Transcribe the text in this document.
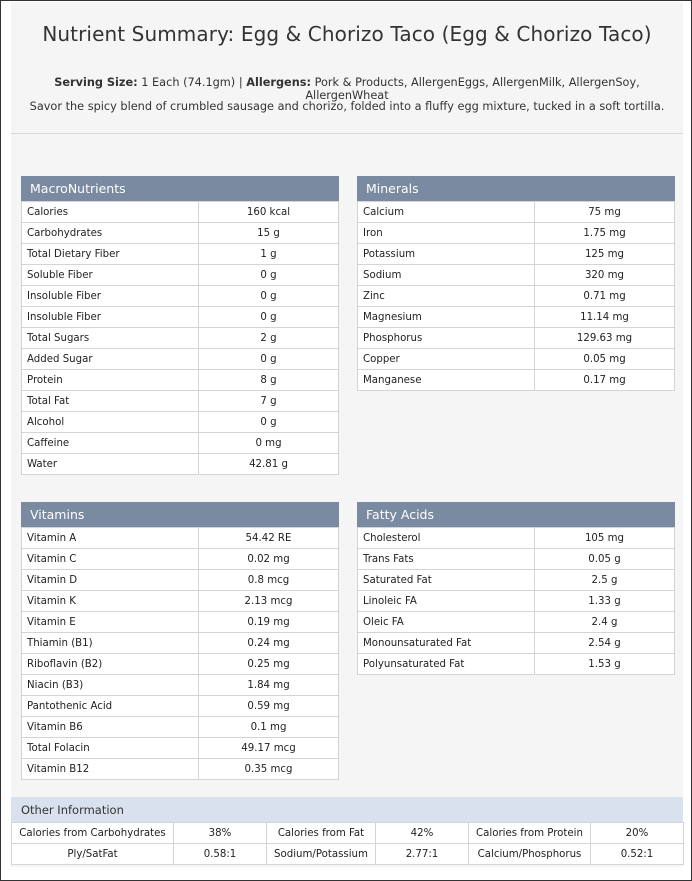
Nutrient Summary: Egg & Chorizo Taco (Egg & Chorizo Taco)

Serving Size: 1 Each (74.1gm) | Allergens: Pork & Products, AllergenEggs, AllergenMilk, AllergenSoy, AllergenWheat

Savor the spicy blend of crumbled sausage and chorizo, folded into a fluffy egg mixture, tucked in a soft tortilla.

MacroNutrients
Calories	160 kcal
Carbohydrates	15 g
Total Dietary Fiber	1 g
Soluble Fiber	0 g
Insoluble Fiber	0 g
Insoluble Fiber	0 g
Total Sugars	2 g
Added Sugar	0 g
Protein	8 g
Total Fat	7 g
Alcohol	0 g
Caffeine	0 mg
Water	42.81 g
Minerals
Calcium	75 mg
Iron	1.75 mg
Potassium	125 mg
Sodium	320 mg
Zinc	0.71 mg
Magnesium	11.14 mg
Phosphorus	129.63 mg
Copper	0.05 mg
Manganese	0.17 mg
Vitamins
Vitamin A	54.42 RE
Vitamin C	0.02 mg
Vitamin D	0.8 mcg
Vitamin K	2.13 mcg
Vitamin E	0.19 mg
Thiamin (B1)	0.24 mg
Riboflavin (B2)	0.25 mg
Niacin (B3)	1.84 mg
Pantothenic Acid	0.59 mg
Vitamin B6	0.1 mg
Total Folacin	49.17 mcg
Vitamin B12	0.35 mcg
Fatty Acids
Cholesterol	105 mg
Trans Fats	0.05 g
Saturated Fat	2.5 g
Linoleic FA	1.33 g
Oleic FA	2.4 g
Monounsaturated Fat	2.54 g
Polyunsaturated Fat	1.53 g
Other Information
Calories from Carbohydrates	38%	Calories from Fat	42%	Calories from Protein	20%
Ply/SatFat	0.58:1	Sodium/Potassium	2.77:1	Calcium/Phosphorus	0.52:1
